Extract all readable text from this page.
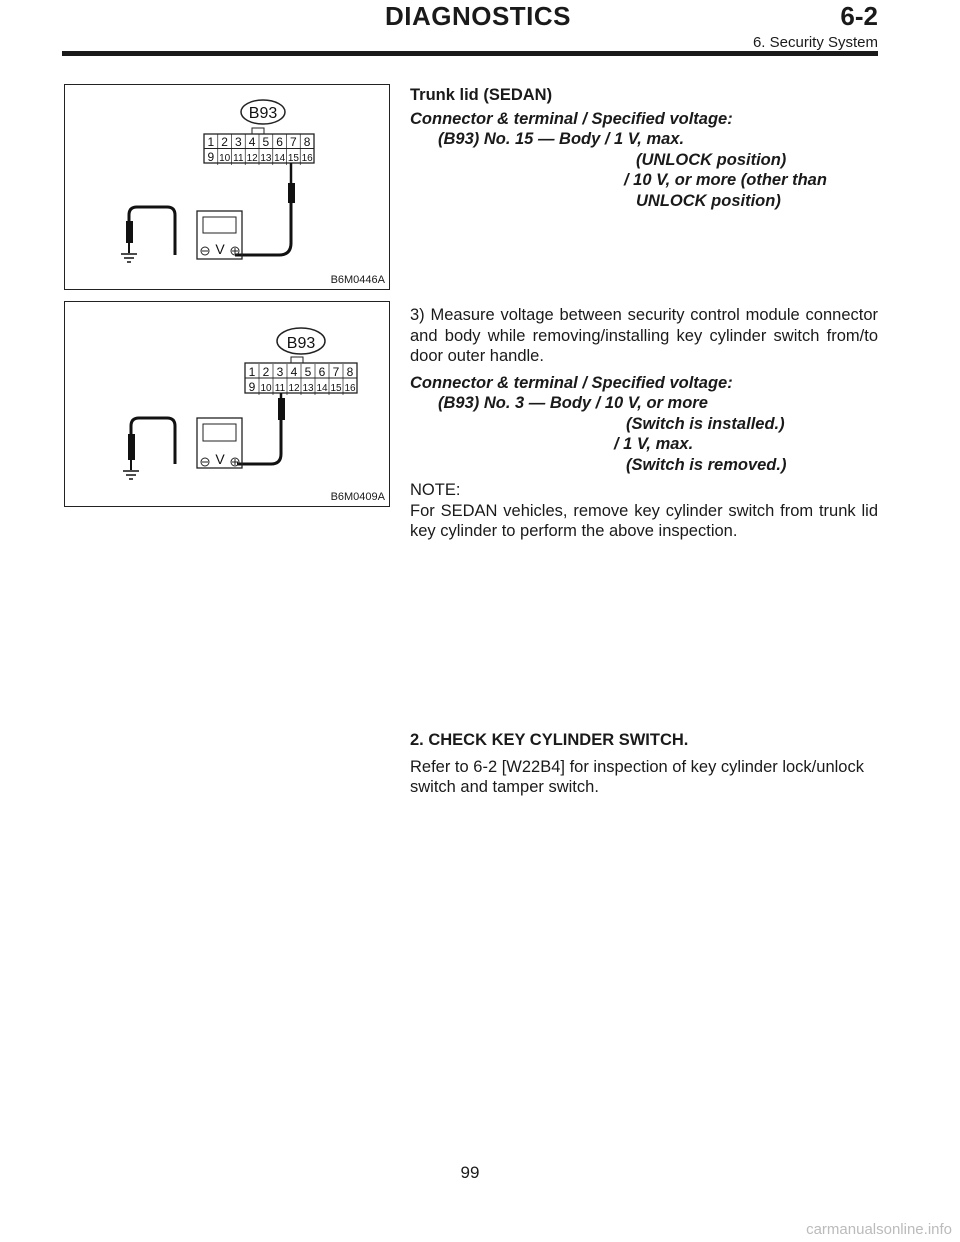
DIAGNOSTICS	6-2
6. Security System
B93
1 2 3 4 5 6 7 8
9 10 11 12 13 14 15 16
V
B6M0446A
B93
1 2 3 4 5 6 7 8
9 10 11 12 13 14 15 16
V
B6M0409A

Trunk lid (SEDAN)

Connector & terminal / Specified voltage:

(B93) No. 15 — Body / 1 V, max.

(UNLOCK position)

/ 10 V, or more (other than

UNLOCK position)

3) Measure voltage between security control module connector and body while removing/installing key cylinder switch from/to door outer handle.

Connector & terminal / Specified voltage:

(B93) No. 3 — Body / 10 V, or more

(Switch is installed.)

/ 1 V, max.

(Switch is removed.)

NOTE:

For SEDAN vehicles, remove key cylinder switch from trunk lid key cylinder to perform the above inspection.

2. CHECK KEY CYLINDER SWITCH.

Refer to 6-2 [W22B4] for inspection of key cylinder lock/unlock switch and tamper switch.

99
carmanualsonline.info
